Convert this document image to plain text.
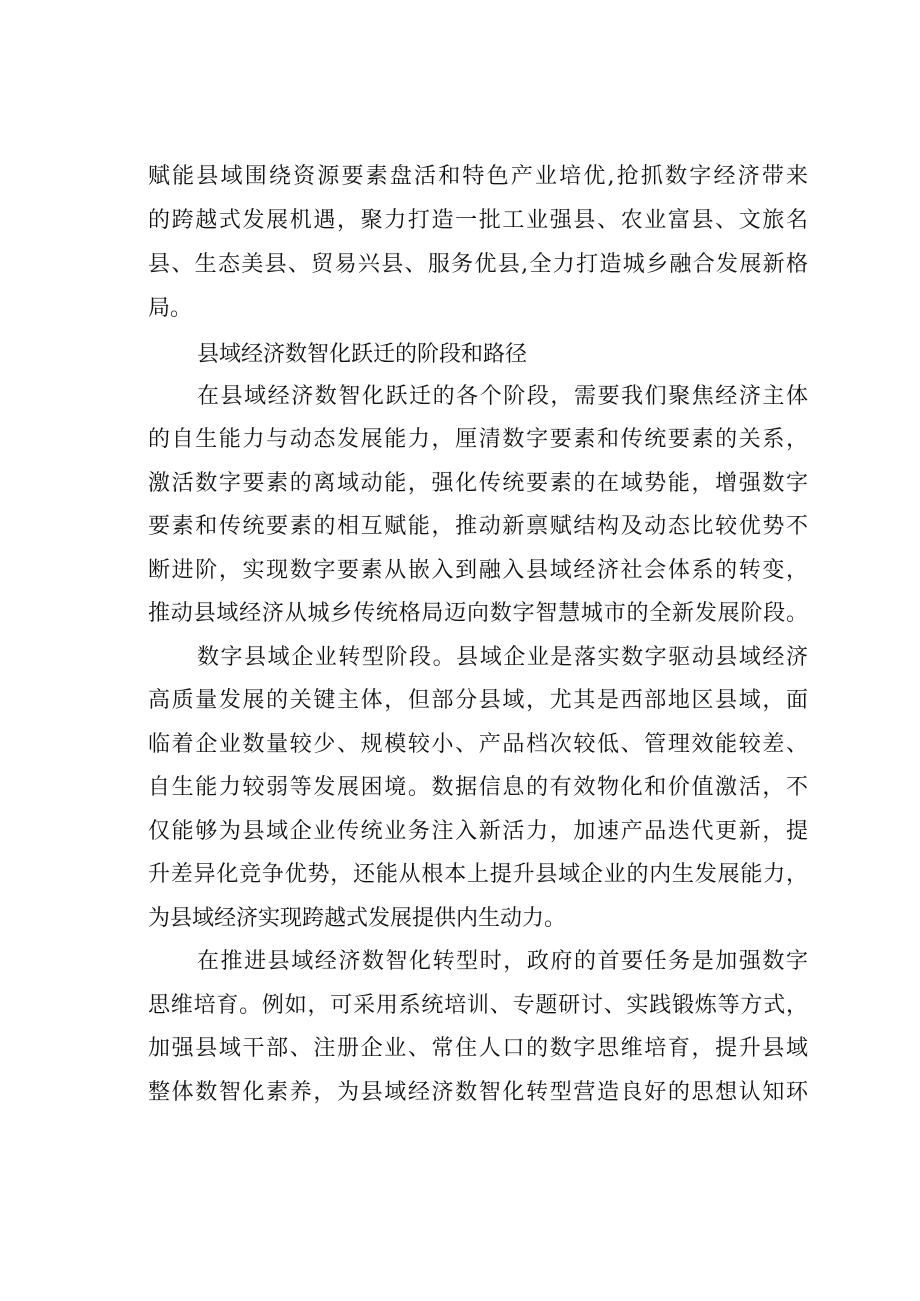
赋能县域围绕资源要素盘活和特色产业培优,抢抓数字经济带来

的跨越式发展机遇，聚力打造一批工业强县、农业富县、文旅名

县、生态美县、贸易兴县、服务优县,全力打造城乡融合发展新格

局。

县域经济数智化跃迁的阶段和路径

在县域经济数智化跃迁的各个阶段，需要我们聚焦经济主体

的自生能力与动态发展能力，厘清数字要素和传统要素的关系，

激活数字要素的离域动能，强化传统要素的在域势能，增强数字

要素和传统要素的相互赋能，推动新禀赋结构及动态比较优势不

断进阶，实现数字要素从嵌入到融入县域经济社会体系的转变，

推动县域经济从城乡传统格局迈向数字智慧城市的全新发展阶段。

数字县域企业转型阶段。县域企业是落实数字驱动县域经济

高质量发展的关键主体，但部分县域，尤其是西部地区县域，面

临着企业数量较少、规模较小、产品档次较低、管理效能较差、

自生能力较弱等发展困境。数据信息的有效物化和价值激活，不

仅能够为县域企业传统业务注入新活力，加速产品迭代更新，提

升差异化竞争优势，还能从根本上提升县域企业的内生发展能力，

为县域经济实现跨越式发展提供内生动力。

在推进县域经济数智化转型时，政府的首要任务是加强数字

思维培育。例如，可采用系统培训、专题研讨、实践锻炼等方式，

加强县域干部、注册企业、常住人口的数字思维培育，提升县域

整体数智化素养，为县域经济数智化转型营造良好的思想认知环
